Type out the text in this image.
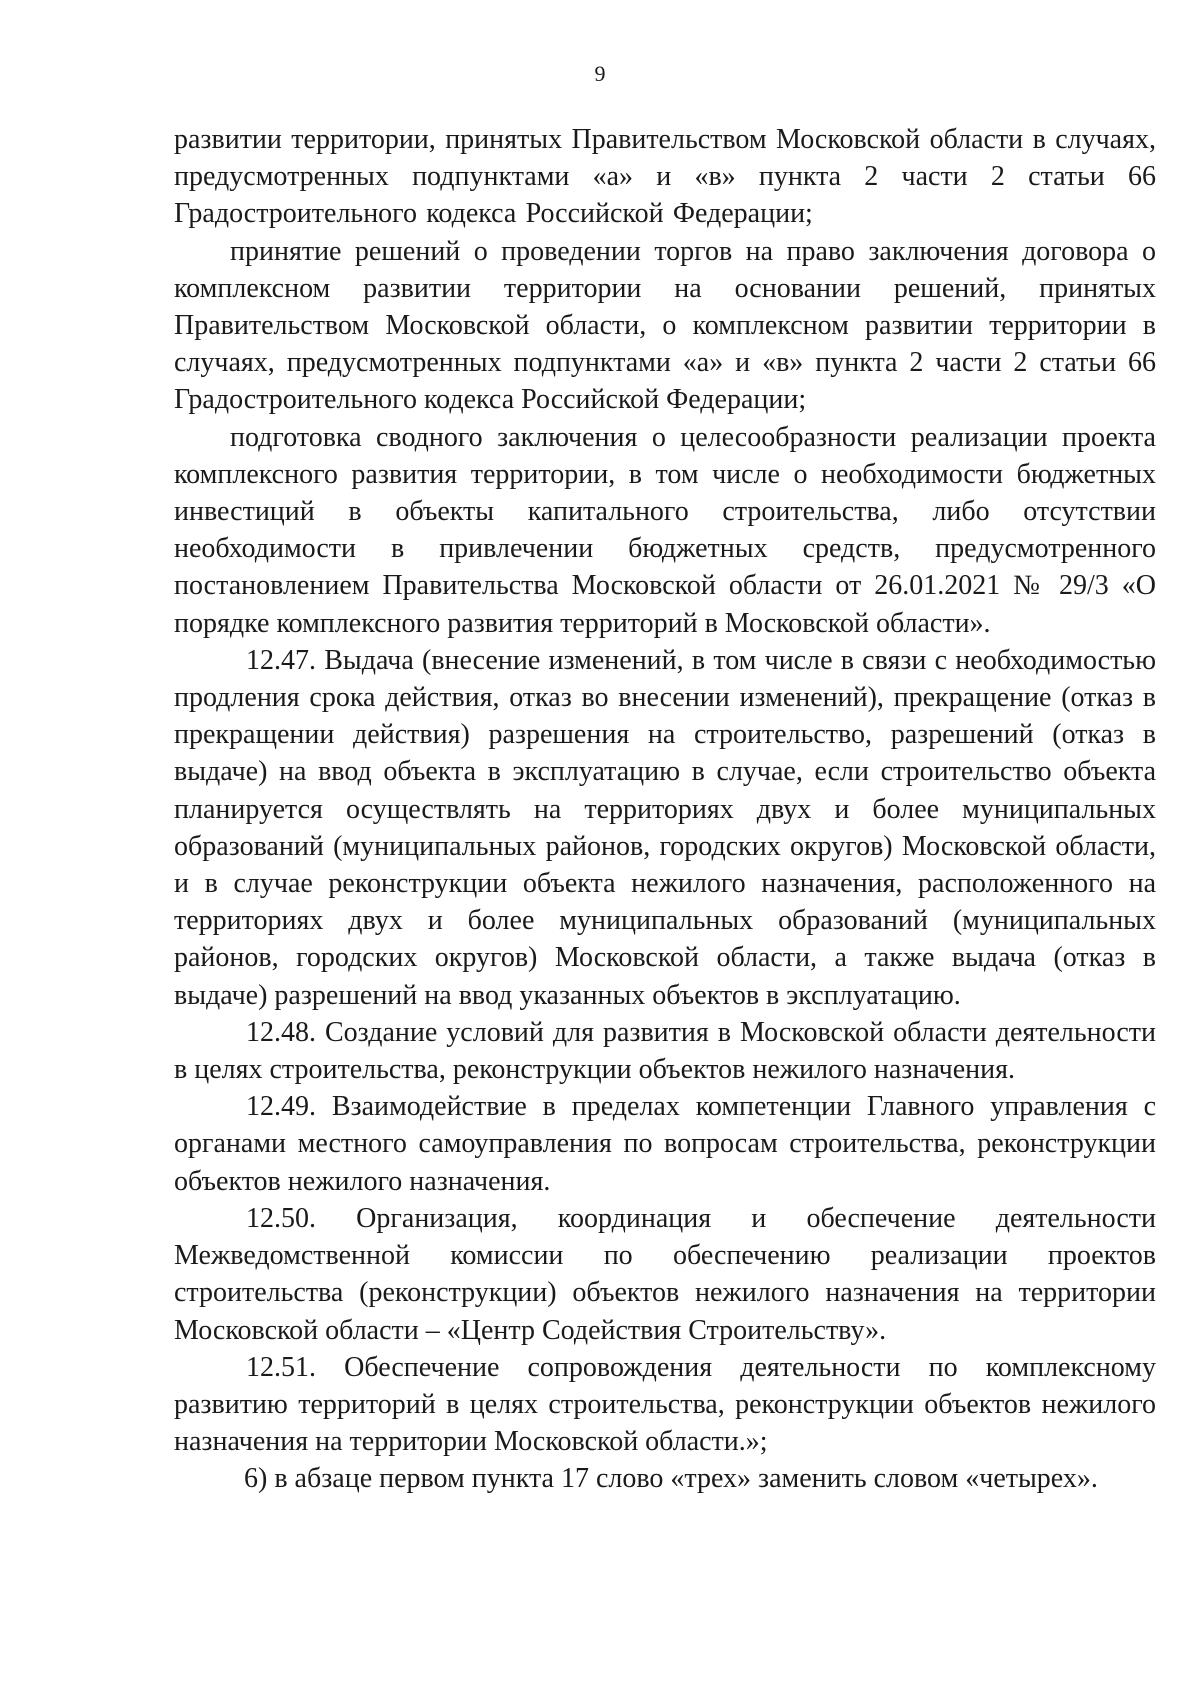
9

развитии территории, принятых Правительством Московской области в случаях, предусмотренных подпунктами «а» и «в» пункта 2 части 2 статьи 66 Градостроительного кодекса Российской Федерации;

принятие решений о проведении торгов на право заключения договора о комплексном развитии территории на основании решений, принятых Правительством Московской области, о комплексном развитии территории в случаях, предусмотренных подпунктами «а» и «в» пункта 2 части 2 статьи 66 Градостроительного кодекса Российской Федерации;

подготовка сводного заключения о целесообразности реализации проекта комплексного развития территории, в том числе о необходимости бюджетных инвестиций в объекты капитального строительства, либо отсутствии необходимости в привлечении бюджетных средств, предусмотренного постановлением Правительства Московской области от 26.01.2021 № 29/3 «О порядке комплексного развития территорий в Московской области».

12.47. Выдача (внесение изменений, в том числе в связи с необходимостью продления срока действия, отказ во внесении изменений), прекращение (отказ в прекращении действия) разрешения на строительство, разрешений (отказ в выдаче) на ввод объекта в эксплуатацию в случае, если строительство объекта планируется осуществлять на территориях двух и более муниципальных образований (муниципальных районов, городских округов) Московской области, и в случае реконструкции объекта нежилого назначения, расположенного на территориях двух и более муниципальных образований (муниципальных районов, городских округов) Московской области, а также выдача (отказ в выдаче) разрешений на ввод указанных объектов в эксплуатацию.

12.48. Создание условий для развития в Московской области деятельности в целях строительства, реконструкции объектов нежилого назначения.

12.49. Взаимодействие в пределах компетенции Главного управления с органами местного самоуправления по вопросам строительства, реконструкции объектов нежилого назначения.

12.50. Организация, координация и обеспечение деятельности Межведомственной комиссии по обеспечению реализации проектов строительства (реконструкции) объектов нежилого назначения на территории Московской области – «Центр Содействия Строительству».

12.51. Обеспечение сопровождения деятельности по комплексному развитию территорий в целях строительства, реконструкции объектов нежилого назначения на территории Московской области.»;

6) в абзаце первом пункта 17 слово «трех» заменить словом «четырех».
